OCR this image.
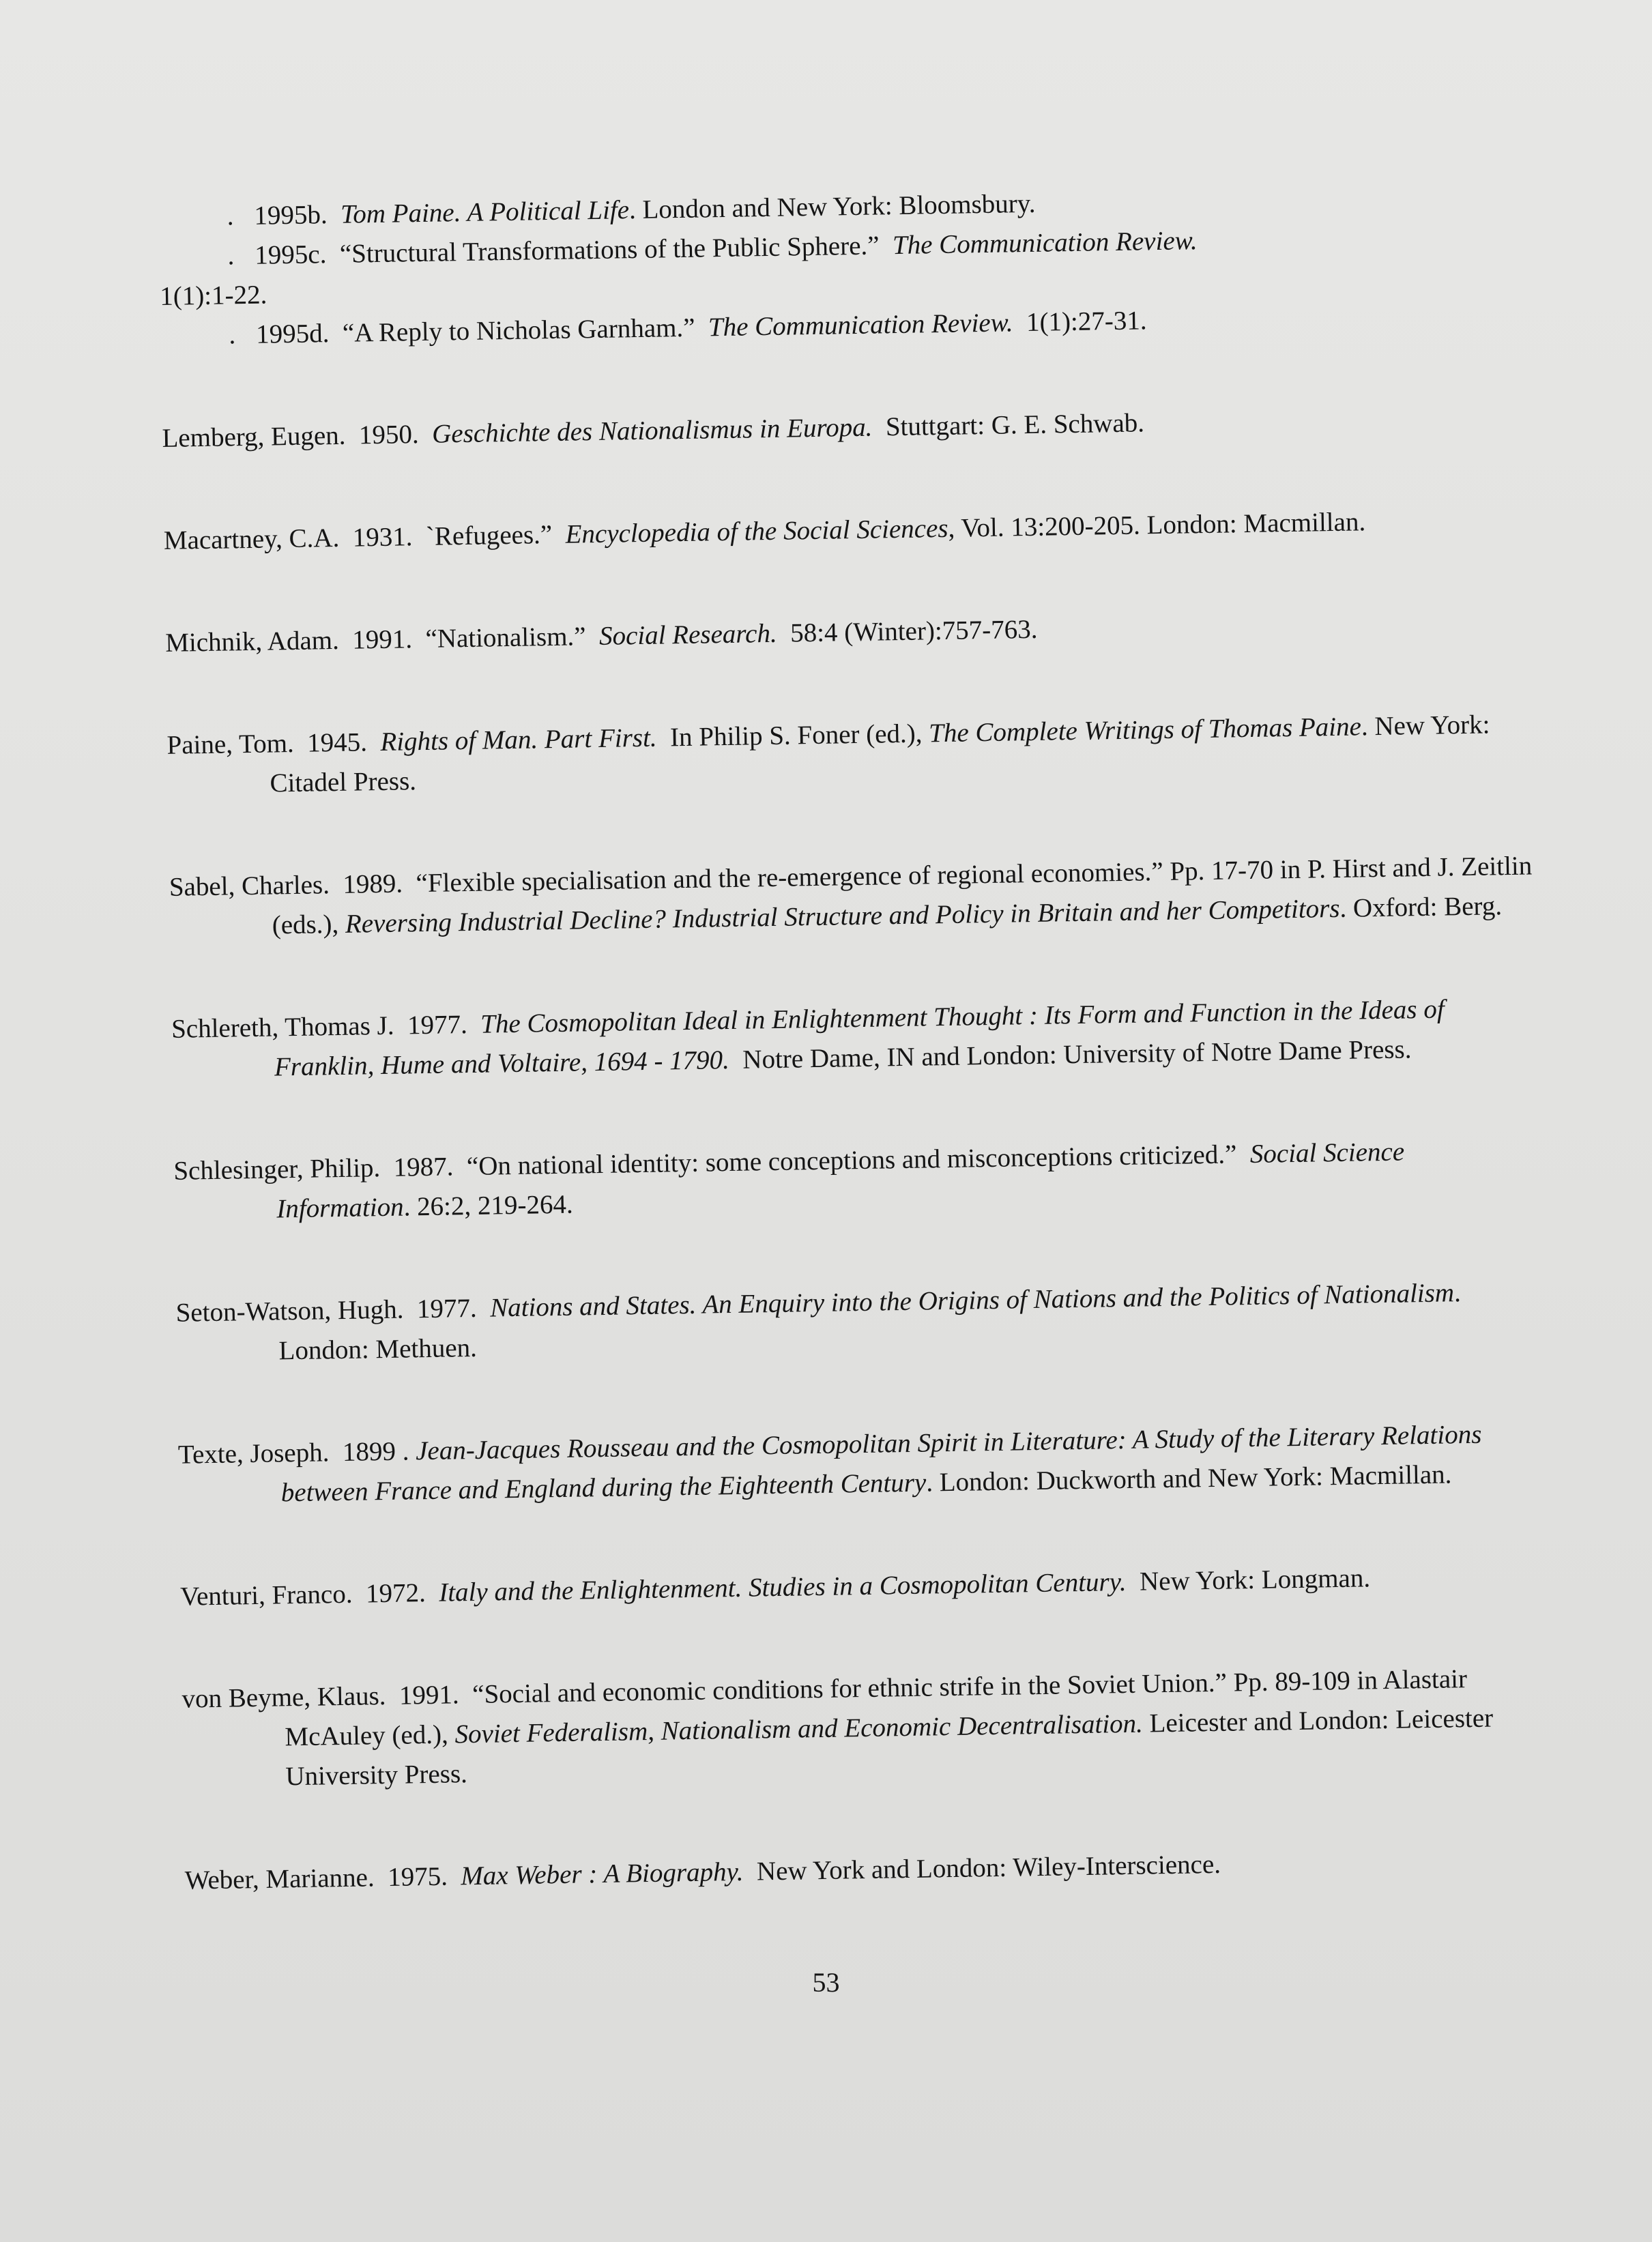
. 1995b. Tom Paine. A Political Life. London and New York: Bloomsbury.

. 1995c. “Structural Transformations of the Public Sphere.” The Communication Review.
1(1):1-22.

. 1995d. “A Reply to Nicholas Garnham.” The Communication Review. 1(1):27-31.

Lemberg, Eugen. 1950. Geschichte des Nationalismus in Europa. Stuttgart: G. E. Schwab.

Macartney, C.A. 1931. `Refugees.” Encyclopedia of the Social Sciences, Vol. 13:200-205. London: Macmillan.

Michnik, Adam. 1991. “Nationalism.” Social Research. 58:4 (Winter):757-763.

Paine, Tom. 1945. Rights of Man. Part First. In Philip S. Foner (ed.), The Complete Writings of Thomas Paine. New York: Citadel Press.

Sabel, Charles. 1989. “Flexible specialisation and the re-emergence of regional economies.” Pp. 17-70 in P. Hirst and J. Zeitlin (eds.), Reversing Industrial Decline? Industrial Structure and Policy in Britain and her Competitors. Oxford: Berg.

Schlereth, Thomas J. 1977. The Cosmopolitan Ideal in Enlightenment Thought : Its Form and Function in the Ideas of Franklin, Hume and Voltaire, 1694 - 1790. Notre Dame, IN and London: University of Notre Dame Press.

Schlesinger, Philip. 1987. “On national identity: some conceptions and misconceptions criticized.” Social Science Information. 26:2, 219-264.

Seton-Watson, Hugh. 1977. Nations and States. An Enquiry into the Origins of Nations and the Politics of Nationalism. London: Methuen.

Texte, Joseph. 1899 . Jean-Jacques Rousseau and the Cosmopolitan Spirit in Literature: A Study of the Literary Relations between France and England during the Eighteenth Century. London: Duckworth and New York: Macmillan.

Venturi, Franco. 1972. Italy and the Enlightenment. Studies in a Cosmopolitan Century. New York: Longman.

von Beyme, Klaus. 1991. “Social and economic conditions for ethnic strife in the Soviet Union.” Pp. 89-109 in Alastair McAuley (ed.), Soviet Federalism, Nationalism and Economic Decentralisation. Leicester and London: Leicester University Press.

Weber, Marianne. 1975. Max Weber : A Biography. New York and London: Wiley-Interscience.

53
